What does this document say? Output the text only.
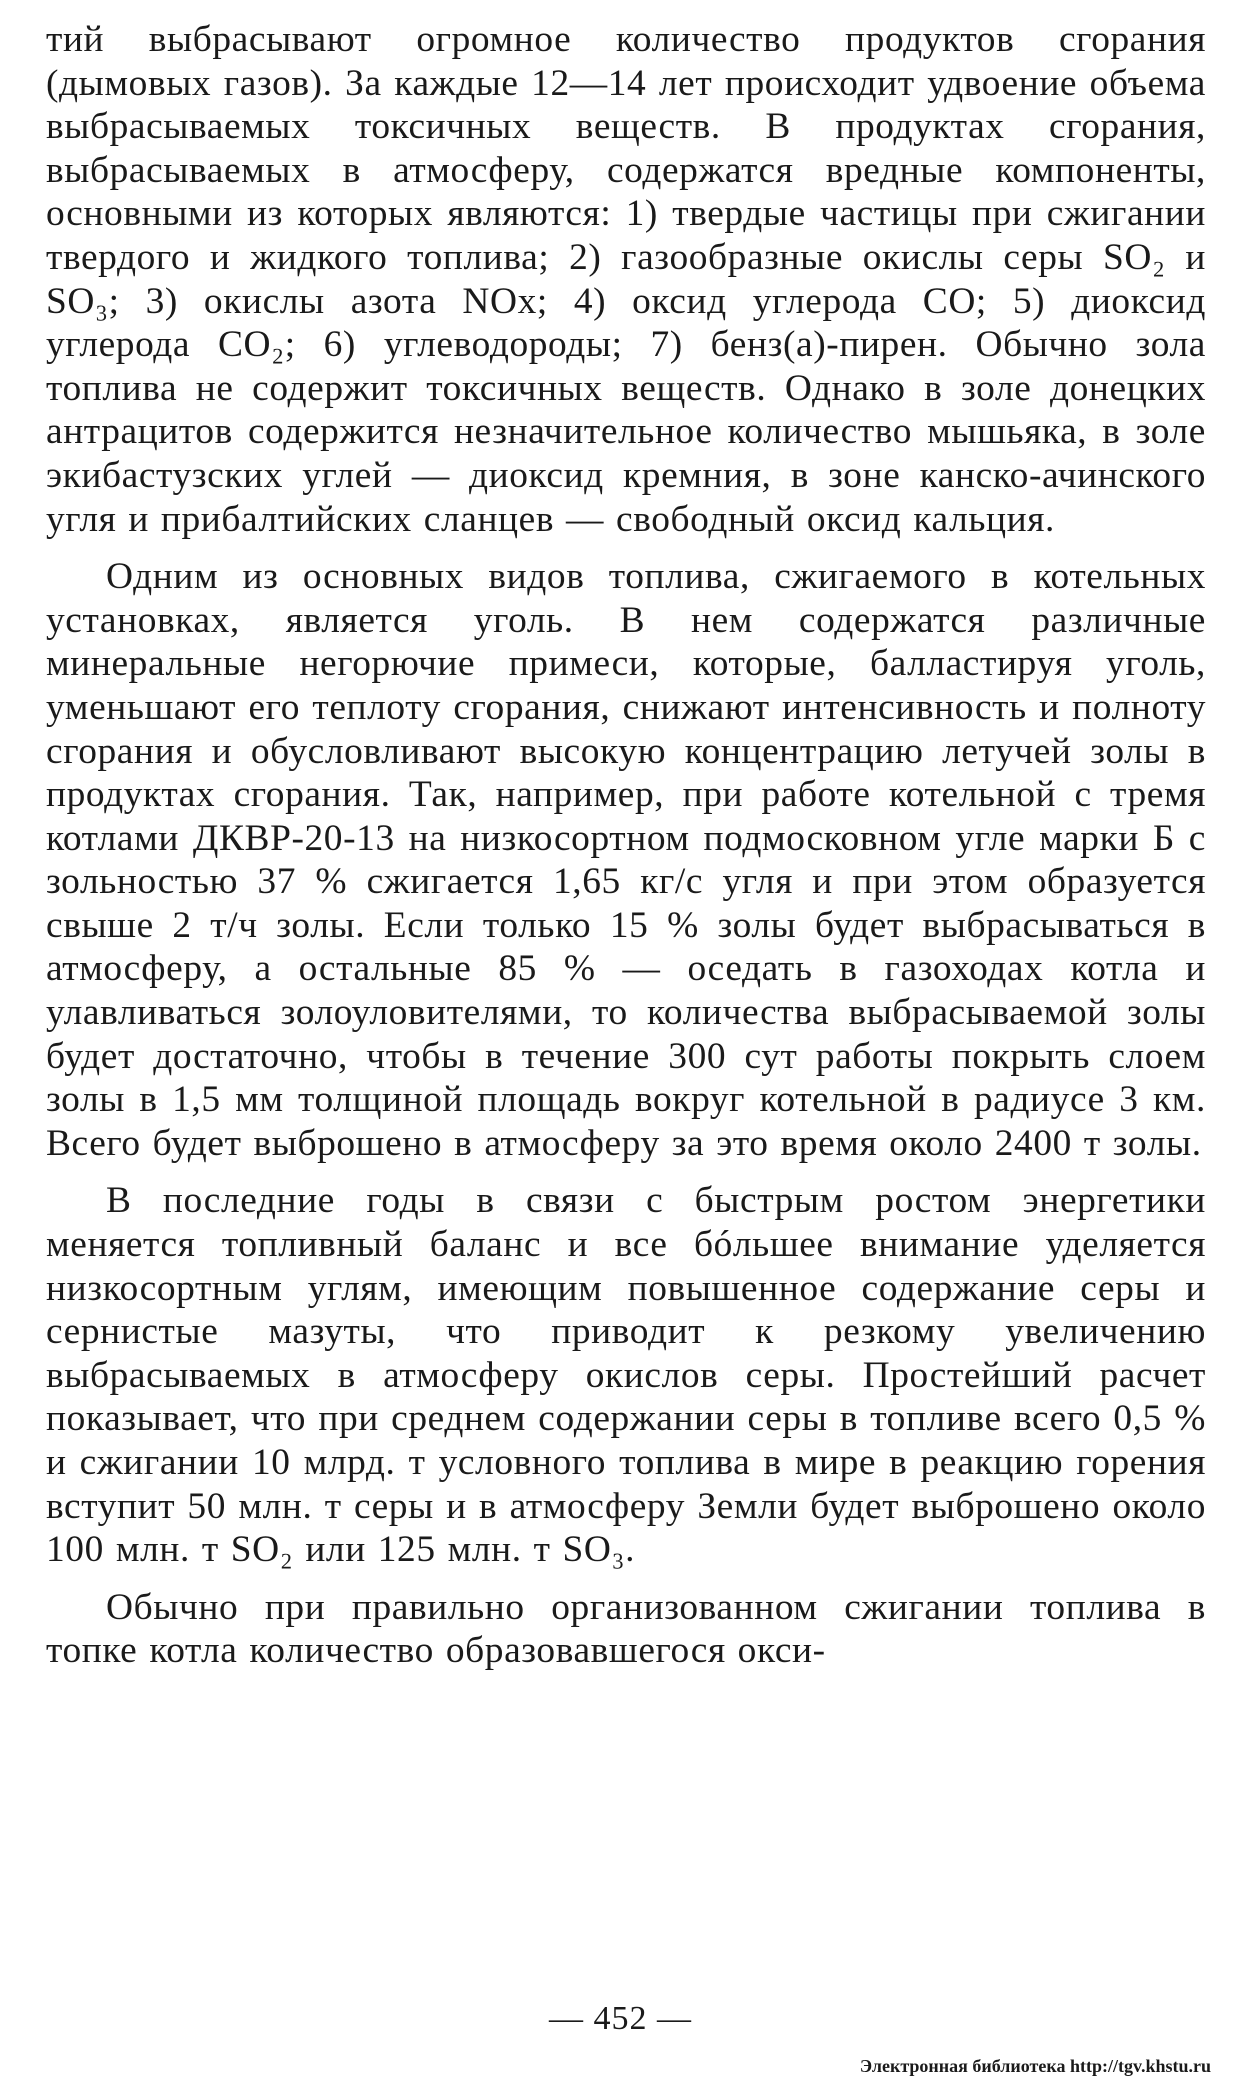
тий выбрасывают огромное количество продуктов сгорания (дымовых газов). За каждые 12—14 лет происходит удвоение объема выбрасываемых токсичных веществ. В продуктах сгорания, выбрасываемых в атмосферу, содержатся вредные компоненты, основными из которых являются: 1) твердые частицы при сжигании твердого и жидкого топлива; 2) газообразные окислы серы SO₂ и SO₃; 3) окислы азота NOx; 4) оксид углерода CO; 5) диоксид углерода CO₂; 6) углеводороды; 7) бенз(а)-пирен. Обычно зола топлива не содержит токсичных веществ. Однако в золе донецких антрацитов содержится незначительное количество мышьяка, в золе экибастузских углей — диоксид кремния, в зоне канско-ачинского угля и прибалтийских сланцев — свободный оксид кальция.

Одним из основных видов топлива, сжигаемого в котельных установках, является уголь. В нем содержатся различные минеральные негорючие примеси, которые, балластируя уголь, уменьшают его теплоту сгорания, снижают интенсивность и полноту сгорания и обусловливают высокую концентрацию летучей золы в продуктах сгорания. Так, например, при работе котельной с тремя котлами ДКВР-20-13 на низкосортном подмосковном угле марки Б с зольностью 37 % сжигается 1,65 кг/с угля и при этом образуется свыше 2 т/ч золы. Если только 15 % золы будет выбрасываться в атмосферу, а остальные 85 % — оседать в газоходах котла и улавливаться золоуловителями, то количества выбрасываемой золы будет достаточно, чтобы в течение 300 сут работы покрыть слоем золы в 1,5 мм толщиной площадь вокруг котельной в радиусе 3 км. Всего будет выброшено в атмосферу за это время около 2400 т золы.

В последние годы в связи с быстрым ростом энергетики меняется топливный баланс и все бóльшее внимание уделяется низкосортным углям, имеющим повышенное содержание серы и сернистые мазуты, что приводит к резкому увеличению выбрасываемых в атмосферу окислов серы. Простейший расчет показывает, что при среднем содержании серы в топливе всего 0,5 % и сжигании 10 млрд. т условного топлива в мире в реакцию горения вступит 50 млн. т серы и в атмосферу Земли будет выброшено около 100 млн. т SO₂ или 125 млн. т SO₃.

Обычно при правильно организованном сжигании топлива в топке котла количество образовавшегося окси-

— 452 —
Электронная библиотека http://tgv.khstu.ru
